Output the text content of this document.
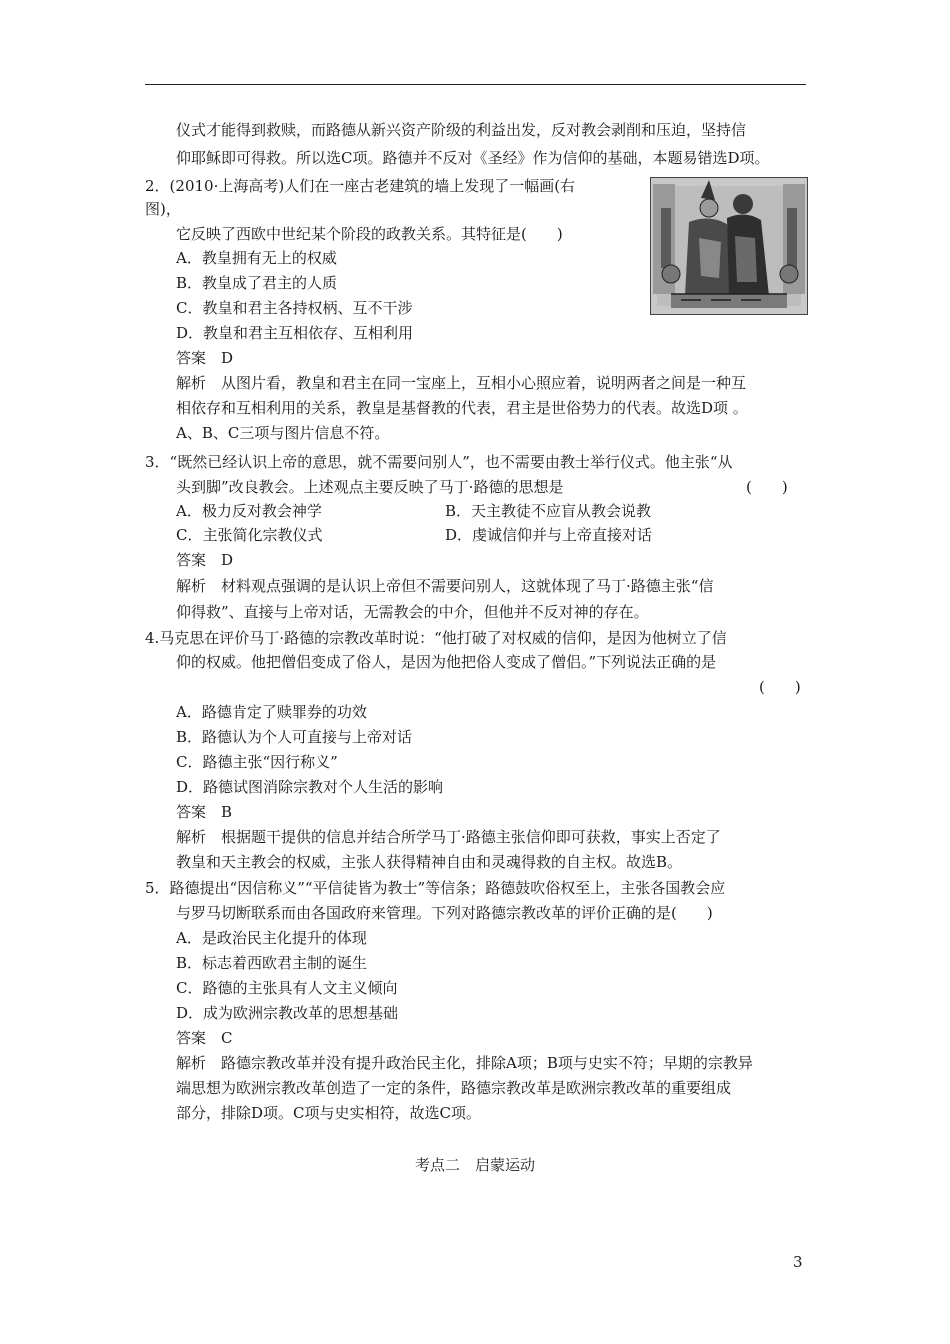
仪式才能得到救赎，而路德从新兴资产阶级的利益出发，反对教会剥削和压迫，坚持信
仰耶稣即可得救。所以选C项。路德并不反对《圣经》作为信仰的基础，本题易错选D项。
2．(2010·上海高考)人们在一座古老建筑的墙上发现了一幅画(右
图)，
它反映了西欧中世纪某个阶段的政教关系。其特征是(　　)
A．教皇拥有无上的权威
B．教皇成了君主的人质
C．教皇和君主各持权柄、互不干涉
D．教皇和君主互相依存、互相利用
答案　D
解析　从图片看，教皇和君主在同一宝座上，互相小心照应着，说明两者之间是一种互
相依存和互相利用的关系，教皇是基督教的代表，君主是世俗势力的代表。故选D项 。
A、B、C三项与图片信息不符。
3．“既然已经认识上帝的意思，就不需要问别人”，也不需要由教士举行仪式。他主张“从
头到脚”改良教会。上述观点主要反映了马丁·路德的思想是	(　　)
A．极力反对教会神学	B．天主教徒不应盲从教会说教
C．主张简化宗教仪式	D．虔诚信仰并与上帝直接对话
答案　D
解析　材料观点强调的是认识上帝但不需要问别人，这就体现了马丁·路德主张“信
仰得救”、直接与上帝对话，无需教会的中介，但他并不反对神的存在。
4.马克思在评价马丁·路德的宗教改革时说：“他打破了对权威的信仰，是因为他树立了信
仰的权威。他把僧侣变成了俗人，是因为他把俗人变成了僧侣。”下列说法正确的是
(　　)
A．路德肯定了赎罪券的功效
B．路德认为个人可直接与上帝对话
C．路德主张“因行称义”
D．路德试图消除宗教对个人生活的影响
答案　B
解析　根据题干提供的信息并结合所学马丁·路德主张信仰即可获救，事实上否定了
教皇和天主教会的权威，主张人获得精神自由和灵魂得救的自主权。故选B。
5．路德提出“因信称义”“平信徒皆为教士”等信条；路德鼓吹俗权至上，主张各国教会应
与罗马切断联系而由各国政府来管理。下列对路德宗教改革的评价正确的是(　　)
A．是政治民主化提升的体现
B．标志着西欧君主制的诞生
C．路德的主张具有人文主义倾向
D．成为欧洲宗教改革的思想基础
答案　C
解析　路德宗教改革并没有提升政治民主化，排除A项；B项与史实不符；早期的宗教异
端思想为欧洲宗教改革创造了一定的条件，路德宗教改革是欧洲宗教改革的重要组成
部分，排除D项。C项与史实相符，故选C项。
考点二　启蒙运动
3
